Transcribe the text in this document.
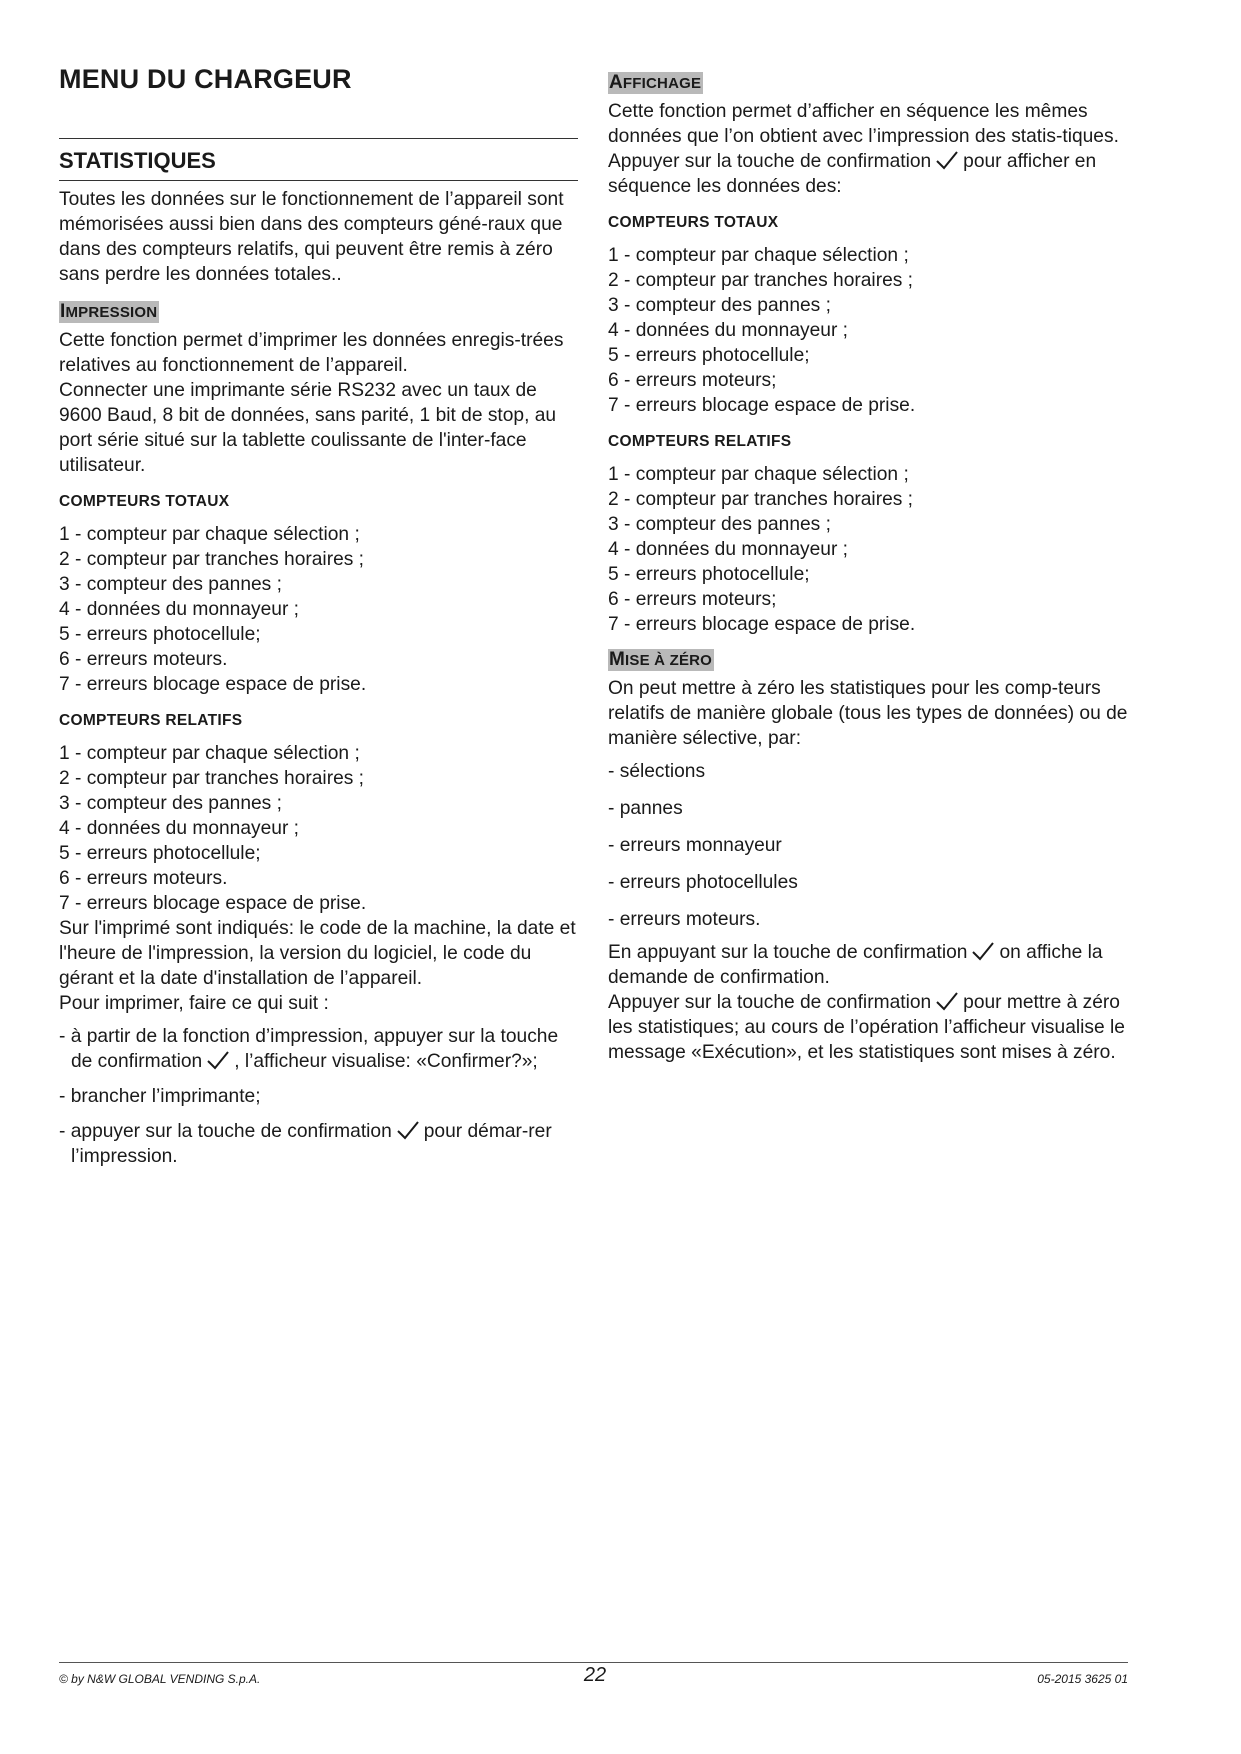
MENU DU CHARGEUR
STATISTIQUES

Toutes les données sur le fonctionnement de l’appareil sont mémorisées aussi bien dans des compteurs géné-raux que dans des compteurs relatifs, qui peuvent être remis à zéro sans perdre les données totales..

IMPRESSION

Cette fonction permet d’imprimer les données enregis-trées relatives au fonctionnement de l’appareil.

Connecter une imprimante série RS232 avec un taux de 9600 Baud, 8 bit de données, sans parité, 1 bit de stop, au port série situé sur la tablette coulissante de l'inter-face utilisateur.

COMPTEURS TOTAUX
1 - compteur par chaque sélection ;
2 - compteur par tranches horaires ;
3 - compteur des pannes ;
4 - données du monnayeur ;
5 - erreurs photocellule;
6 - erreurs moteurs.
7 - erreurs blocage espace de prise.
COMPTEURS RELATIFS
1 - compteur par chaque sélection ;
2 - compteur par tranches horaires ;
3 - compteur des pannes ;
4 - données du monnayeur ;
5 - erreurs photocellule;
6 - erreurs moteurs.
7 - erreurs blocage espace de prise.

Sur l'imprimé sont indiqués: le code de la machine, la date et l'heure de l'impression, la version du logiciel, le code du gérant et la date d'installation de l’appareil.

Pour imprimer, faire ce qui suit :

- à partir de la fonction d’impression, appuyer sur la touche de confirmation , l’afficheur visualise: «Confirmer?»;

- brancher l’imprimante;

- appuyer sur la touche de confirmation pour démar-rer l’impression.

AFFICHAGE

Cette fonction permet d’afficher en séquence les mêmes données que l’on obtient avec l’impression des statis-tiques.

Appuyer sur la touche de confirmation pour afficher en séquence les données des:

COMPTEURS TOTAUX
1 - compteur par chaque sélection ;
2 - compteur par tranches horaires ;
3 - compteur des pannes ;
4 - données du monnayeur ;
5 - erreurs photocellule;
6 - erreurs moteurs;
7 - erreurs blocage espace de prise.
COMPTEURS RELATIFS
1 - compteur par chaque sélection ;
2 - compteur par tranches horaires ;
3 - compteur des pannes ;
4 - données du monnayeur ;
5 - erreurs photocellule;
6 - erreurs moteurs;
7 - erreurs blocage espace de prise.
MISE À ZÉRO

On peut mettre à zéro les statistiques pour les comp-teurs relatifs de manière globale (tous les types de données) ou de manière sélective, par:

- sélections

- pannes

- erreurs monnayeur

- erreurs photocellules

- erreurs moteurs.

En appuyant sur la touche de confirmation on affiche la demande de confirmation.

Appuyer sur la touche de confirmation pour mettre à zéro les statistiques; au cours de l’opération l’afficheur visualise le message «Exécution», et les statistiques sont mises à zéro.

© by N&W GLOBAL VENDING S.p.A.	22	05-2015 3625 01
